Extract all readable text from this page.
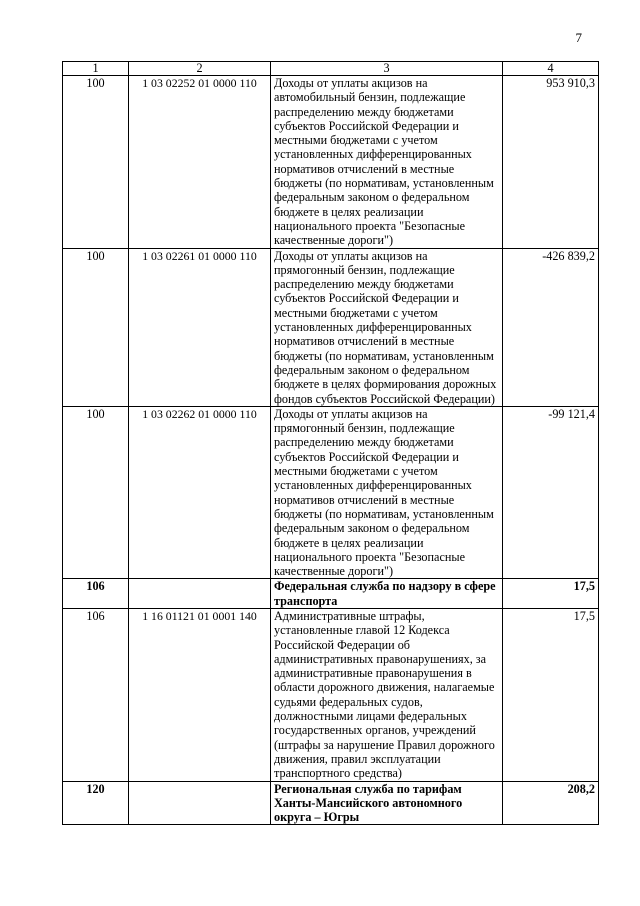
7
1	2	3	4
100	1 03 02252 01 0000 110	Доходы от уплаты акцизов на автомобильный бензин, подлежащие распределению между бюджетами субъектов Российской Федерации и местными бюджетами с учетом установленных дифференцированных нормативов отчислений в местные бюджеты (по нормативам, установленным федеральным законом о федеральном бюджете в целях реализации национального проекта "Безопасные качественные дороги")	953 910,3
100	1 03 02261 01 0000 110	Доходы от уплаты акцизов на прямогонный бензин, подлежащие распределению между бюджетами субъектов Российской Федерации и местными бюджетами с учетом установленных дифференцированных нормативов отчислений в местные бюджеты (по нормативам, установленным федеральным законом о федеральном бюджете в целях формирования дорожных фондов субъектов Российской Федерации)	-426 839,2
100	1 03 02262 01 0000 110	Доходы от уплаты акцизов на прямогонный бензин, подлежащие распределению между бюджетами субъектов Российской Федерации и местными бюджетами с учетом установленных дифференцированных нормативов отчислений в местные бюджеты (по нормативам, установленным федеральным законом о федеральном бюджете в целях реализации национального проекта "Безопасные качественные дороги")	-99 121,4
106		Федеральная служба по надзору в сфере транспорта	17,5
106	1 16 01121 01 0001 140	Административные штрафы, установленные главой 12 Кодекса Российской Федерации об административных правонарушениях, за административные правонарушения в области дорожного движения, налагаемые судьями федеральных судов, должностными лицами федеральных государственных органов, учреждений (штрафы за нарушение Правил дорожного движения, правил эксплуатации транспортного средства)	17,5
120		Региональная служба по тарифам Ханты-Мансийского автономного округа – Югры	208,2
